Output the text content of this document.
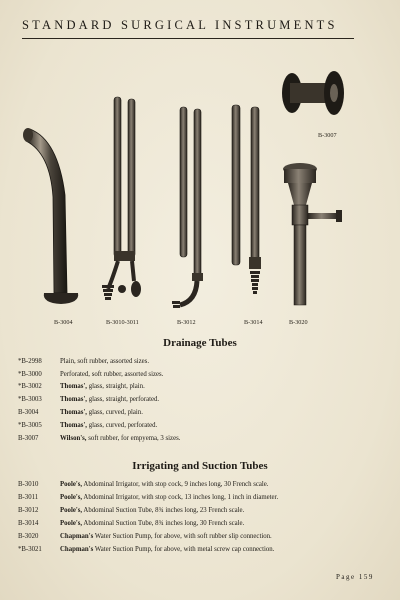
STANDARD SURGICAL INSTRUMENTS
B-3004	B-3010-3011	B-3012	B-3014	B-3020
B-3007
Drainage Tubes
*B-2998	Plain, soft rubber, assorted sizes.
*B-3000	Perforated, soft rubber, assorted sizes.
*B-3002	Thomas', glass, straight, plain.
*B-3003	Thomas', glass, straight, perforated.
B-3004	Thomas', glass, curved, plain.
*B-3005	Thomas', glass, curved, perforated.
B-3007	Wilson's, soft rubber, for empyema, 3 sizes.
Irrigating and Suction Tubes
B-3010	Poole's, Abdominal Irrigator, with stop cock, 9 inches long, 30 French scale.
B-3011	Poole's, Abdominal Irrigator, with stop cock, 13 inches long, 1 inch in diameter.
B-3012	Poole's, Abdominal Suction Tube, 8¾ inches long, 23 French scale.
B-3014	Poole's, Abdominal Suction Tube, 8¾ inches long, 30 French scale.
B-3020	Chapman's Water Suction Pump, for above, with soft rubber slip connection.
*B-3021	Chapman's Water Suction Pump, for above, with metal screw cap connection.
Page 159
